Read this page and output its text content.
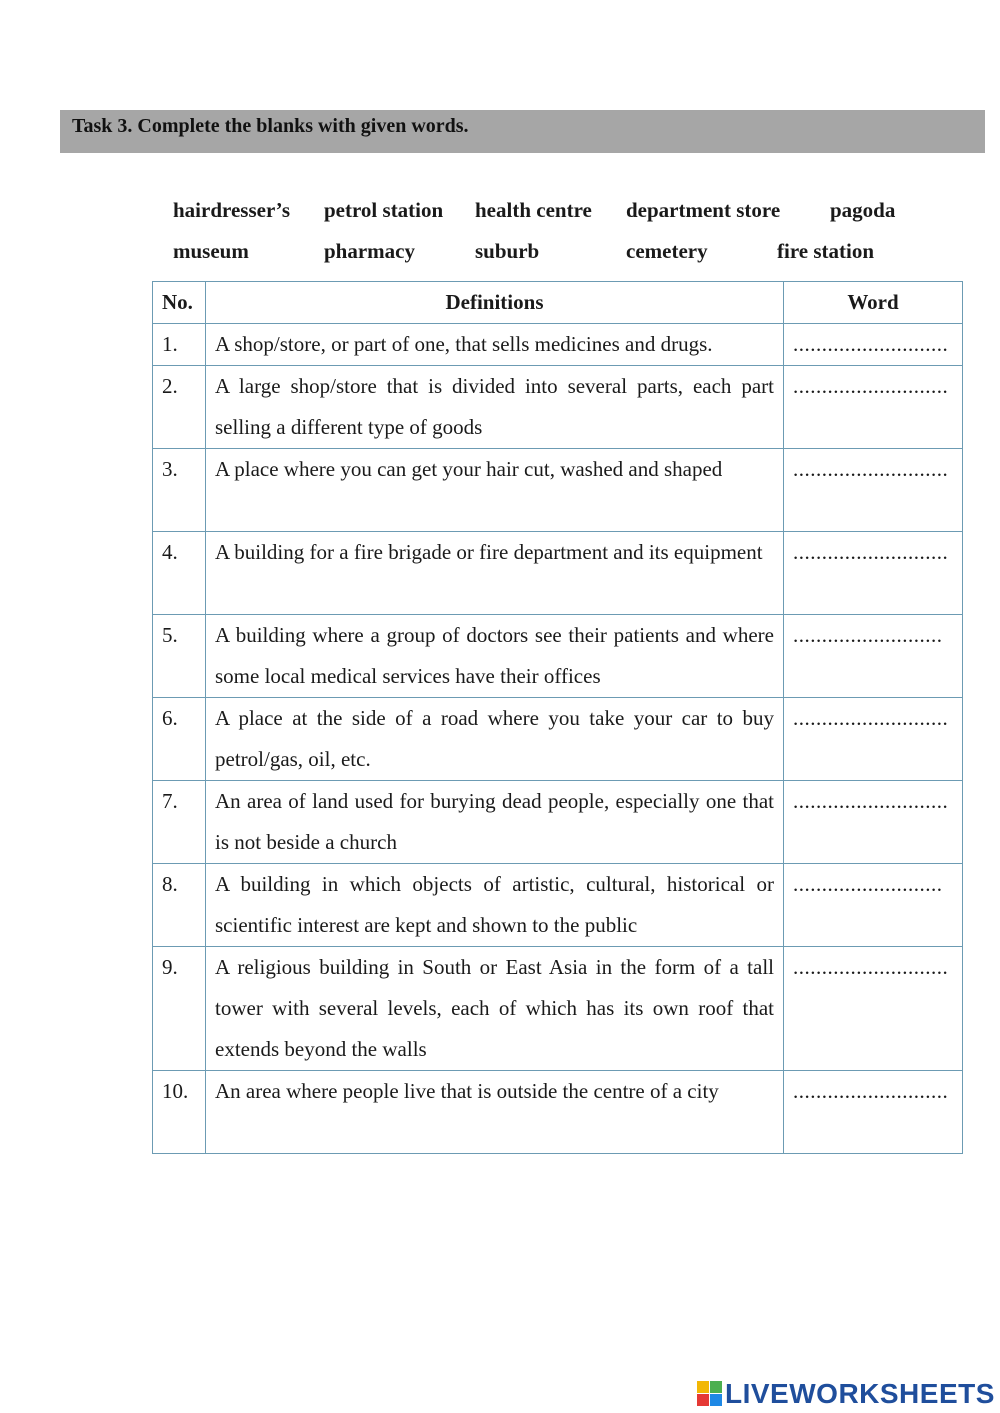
Task 3. Complete the blanks with given words.
hairdresser’s petrol station health centre department store pagoda
museum	pharmacy	suburb	cemetery	fire station
No.	Definitions	Word
1.	A shop/store, or part of one, that sells medicines and drugs.	...........................

2.	A large shop/store that is divided into several parts, each part selling a different type of goods	...........................

3.	A place where you can get your hair cut, washed and shaped	...........................

4.	A building for a fire brigade or fire department and its equipment	...........................

5.	A building where a group of doctors see their patients and where some local medical services have their offices	..........................

6.	A place at the side of a road where you take your car to buy petrol/gas, oil, etc.	...........................

7.	An area of land used for burying dead people, especially one that is not beside a church	...........................

8.	A building in which objects of artistic, cultural, historical or scientific interest are kept and shown to the public	..........................

9.	A religious building in South or East Asia in the form of a tall tower with several levels, each of which has its own roof that extends beyond the walls	...........................

10.	An area where people live that is outside the centre of a city	...........................
LIVEWORKSHEETS
